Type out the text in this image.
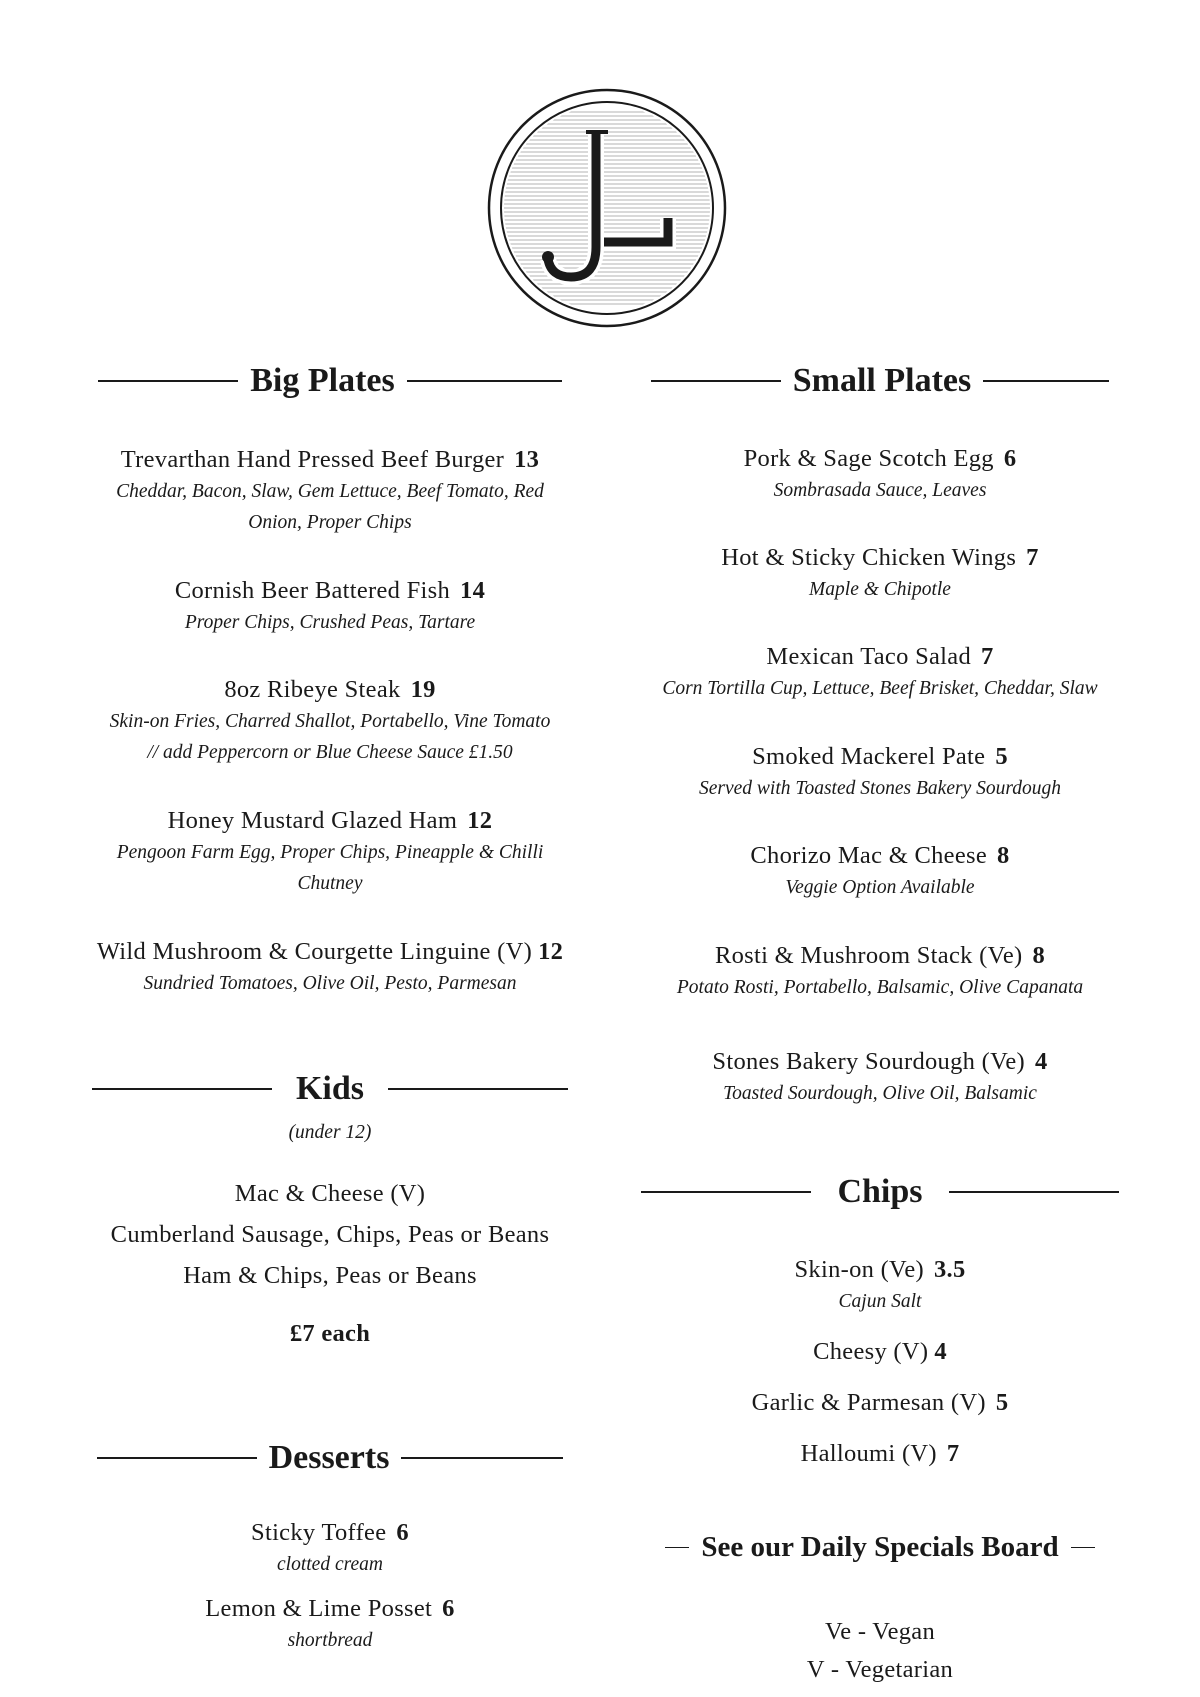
Big Plates
Trevarthan Hand Pressed Beef Burger 13
Cheddar, Bacon, Slaw, Gem Lettuce, Beef Tomato, Red
Onion, Proper Chips
Cornish Beer Battered Fish 14
Proper Chips, Crushed Peas, Tartare
8oz Ribeye Steak 19
Skin-on Fries, Charred Shallot, Portabello, Vine Tomato
// add Peppercorn or Blue Cheese Sauce £1.50
Honey Mustard Glazed Ham 12
Pengoon Farm Egg, Proper Chips, Pineapple & Chilli
Chutney
Wild Mushroom & Courgette Linguine (V) 12
Sundried Tomatoes, Olive Oil, Pesto, Parmesan
Kids
(under 12)
Mac & Cheese (V)
Cumberland Sausage, Chips, Peas or Beans
Ham & Chips, Peas or Beans
£7 each
Desserts
Sticky Toffee 6
clotted cream
Lemon & Lime Posset 6
shortbread
Small Plates
Pork & Sage Scotch Egg 6
Sombrasada Sauce, Leaves
Hot & Sticky Chicken Wings 7
Maple & Chipotle
Mexican Taco Salad 7
Corn Tortilla Cup, Lettuce, Beef Brisket, Cheddar, Slaw
Smoked Mackerel Pate 5
Served with Toasted Stones Bakery Sourdough
Chorizo Mac & Cheese 8
Veggie Option Available
Rosti & Mushroom Stack (Ve) 8
Potato Rosti, Portabello, Balsamic, Olive Capanata
Stones Bakery Sourdough (Ve) 4
Toasted Sourdough, Olive Oil, Balsamic
Chips
Skin-on (Ve) 3.5
Cajun Salt
Cheesy (V) 4
Garlic & Parmesan (V) 5
Halloumi (V) 7
See our Daily Specials Board
Ve - Vegan
V - Vegetarian
